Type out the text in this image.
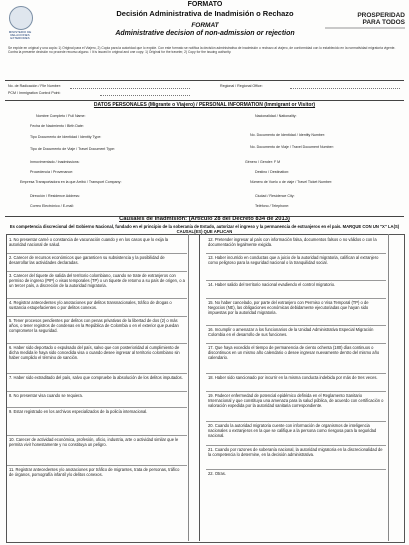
MINISTERIO DE RELACIONES EXTERIORES
FORMATO
Decisión Administrativa de Inadmisión o Rechazo
FORMAT
Administrative decision of non-admission or rejection
PROSPERIDAD
PARA TODOS
Se expide en original y una copia: 1) Original para el Viajero, 2) Copia para la autoridad que lo expide. Con este formato se notifica la decisión administrativa de inadmisión o rechazo al viajero, de conformidad con lo establecido en la normatividad migratoria vigente. Contra la presente decisión no procede recurso alguno. / It is issued in original and one copy: 1) Original for the traveler, 2) Copy for the issuing authority.
No. de Radicación / File Number:	Regional / Regional Office:
PCM / Immigration Control Point:
DATOS PERSONALES (Migrante o Viajero) / PERSONAL INFORMATION (Immigrant or Visitor)
Nombre Completo / Full Name:
Fecha de Nacimiento / Birth Date:
Tipo Documento de Identidad / Identity Type:
Tipo de Documento de Viaje / Travel Document Type:
Inmovimentado / Inadmissions:
Procedencia / Provenance:
Empresa Transportadora en la que Arribó / Transport Company:
Dirección / Residence Address:
Correo Electrónico / E-mail:
Nacionalidad / Nationality:
No. Documento de Identidad / Identity Number:
No. Documento de Viaje / Travel Document Number:
Género / Gender: F M
Destino / Destination:
Número de Vuelo o de viaje / Travel Ticket Number:
Ciudad / Residence City:
Teléfono / Telephone:
Causales de inadmisión: (Artículo 28 del Decreto 834 de 2013)
Es competencia discrecional del Gobierno Nacional, fundado en el principio de la soberanía de Estado, autorizar el ingreso y la permanencia de extranjeros en el país. MARQUE CON UN "X" LA(S) CAUSAL(ES) QUE APLICAN
1. No presentar carné o constancia de vacunación cuando y en los casos que lo exija la autoridad nacional de salud.
2. Carecer de recursos económicos que garanticen su subsistencia y la posibilidad de desarrollar las actividades declaradas.
3. Carecer del tiquete de salida del territorio colombiano, cuando se trate de extranjeros con permiso de ingreso (PIP) o visas temporales (TP) o un tiquete de retorno a su país de origen, o a un tercer país, a discreción de la autoridad migratoria.
4. Registrar antecedentes y/o anotaciones por delitos transnacionales, tráfico de drogas o sustancia estupefacientes o por delitos conexos.
5. Tener procesos pendientes por delitos con penas privativas de la libertad de dos (2) o más años, o tener registros de condenas en la República de Colombia o en el exterior que puedan comprometer la seguridad.
6. Haber sido deportado o expulsado del país, salvo que con posterioridad al cumplimiento de dicha medida le haya sido concedida visa o cuando desee ingresar al territorio colombiano sin haber cumplido el término de sanción.
7. Haber sido extraditado del país, salvo que compruebe la absolución de los delitos imputados.
8. No presentar visa cuando se requiera.
9. Estar registrado en los archivos especializados de la policía internacional.
10. Carecer de actividad económica, profesión, oficio, industria, arte o actividad similar que le permita vivir honestamente y no constituya un peligro.
11. Registrar antecedentes y/o anotaciones por tráfico de migrantes, trata de personas, tráfico de órganos, pornografía infantil y/o delitos conexos.
12. Pretender ingresar al país con información falsa, documentos falsos o no válidos o con la documentación legalmente exigida.
13. Haber incurrido en conductas que a juicio de la autoridad migratoria, califican al extranjero como peligroso para la seguridad nacional o la tranquilidad social.
14. Haber salido del territorio nacional evadiendo el control migratorio.
15. No haber cancelado, por parte del extranjero con Permiso o Visa Temporal (TP) o de Negocios (NE), las obligaciones económicas debidamente ejecutoriadas que hayan sido impuestas por la autoridad migratoria.
16. Incumplir o amenazar a los funcionarios de la Unidad Administrativa Especial Migración Colombia en el desarrollo de sus funciones.
17. Que haya excedido el tiempo de permanencia de ciento ochenta (180) días continuos o discontinuos en un mismo año calendario o desee ingresar nuevamente dentro del mismo año calendario.
18. Haber sido sancionado por incurrir en la misma conducta indebida por más de tres veces.
19. Padecer enfermedad de potencial epidémico definida en el Reglamento Sanitario Internacional y que constituya una amenaza para la salud pública, de acuerdo con certificación o valoración expedida por la autoridad sanitaria correspondiente.
20. Cuando la autoridad migratoria cuente con información de organismos de inteligencia nacionales o extranjeros en la que se califique a la persona como riesgosa para la seguridad nacional.
21. Cuando por razones de soberanía nacional, la autoridad migratoria en la discrecionalidad de la competencia lo determine, en la decisión administrativa.
22. Otras.
